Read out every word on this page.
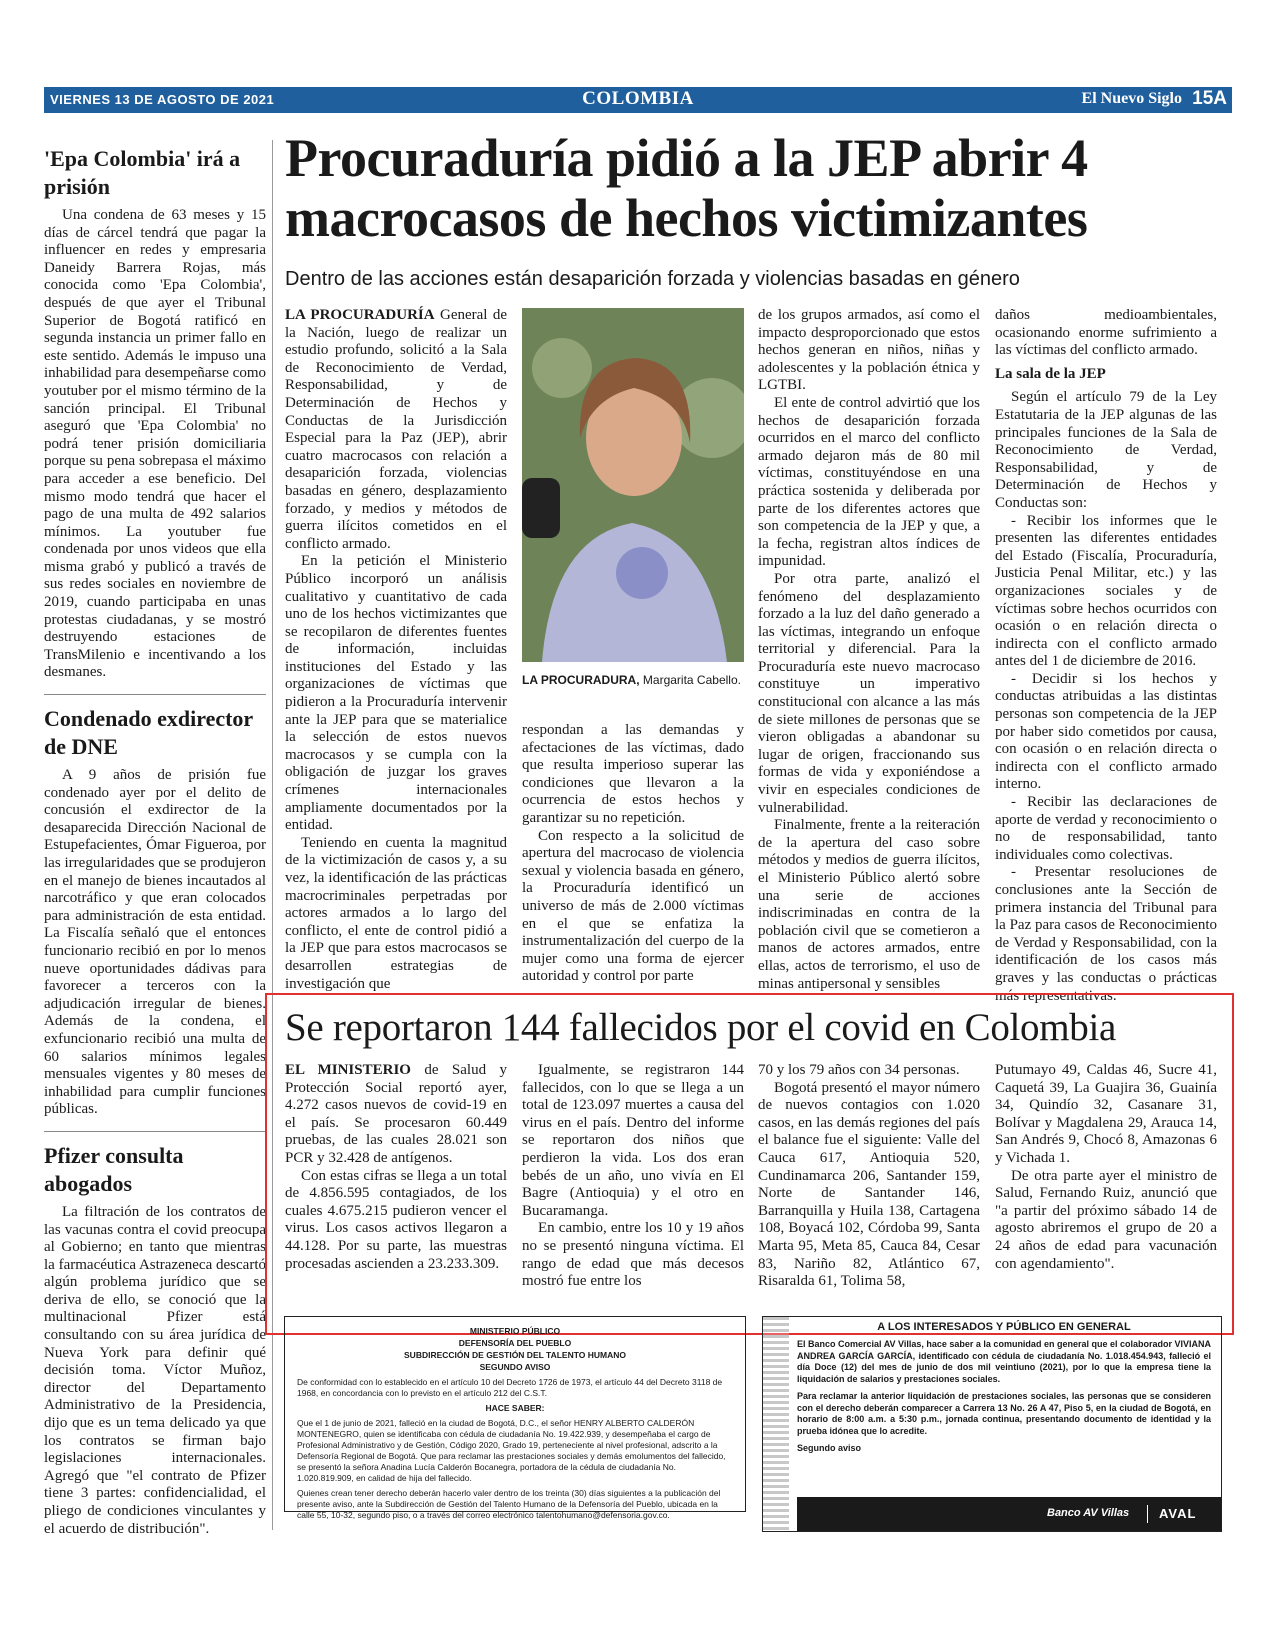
VIERNES 13 DE AGOSTO DE 2021	COLOMBIA	El Nuevo Siglo 15A
'Epa Colombia' irá a prisión

Una condena de 63 meses y 15 días de cárcel tendrá que pagar la influencer en redes y empresaria Daneidy Barrera Rojas, más conocida como 'Epa Colombia', después de que ayer el Tribunal Superior de Bogotá ratificó en segunda instancia un primer fallo en este sentido. Además le impuso una inhabilidad para desempeñarse como youtuber por el mismo término de la sanción principal. El Tribunal aseguró que 'Epa Colombia' no podrá tener prisión domiciliaria porque su pena sobrepasa el máximo para acceder a ese beneficio. Del mismo modo tendrá que hacer el pago de una multa de 492 salarios mínimos. La youtuber fue condenada por unos videos que ella misma grabó y publicó a través de sus redes sociales en noviembre de 2019, cuando participaba en unas protestas ciudadanas, y se mostró destruyendo estaciones de TransMilenio e incentivando a los desmanes.

Condenado exdirector de DNE

A 9 años de prisión fue condenado ayer por el delito de concusión el exdirector de la desaparecida Dirección Nacional de Estupefacientes, Ómar Figueroa, por las irregularidades que se produjeron en el manejo de bienes incautados al narcotráfico y que eran colocados para administración de esta entidad. La Fiscalía señaló que el entonces funcionario recibió en por lo menos nueve oportunidades dádivas para favorecer a terceros con la adjudicación irregular de bienes. Además de la condena, el exfuncionario recibió una multa de 60 salarios mínimos legales mensuales vigentes y 80 meses de inhabilidad para cumplir funciones públicas.

Pfizer consulta abogados

La filtración de los contratos de las vacunas contra el covid preocupa al Gobierno; en tanto que mientras la farmacéutica Astrazeneca descartó algún problema jurídico que se deriva de ello, se conoció que la multinacional Pfizer está consultando con su área jurídica de Nueva York para definir qué decisión toma. Víctor Muñoz, director del Departamento Administrativo de la Presidencia, dijo que es un tema delicado ya que los contratos se firman bajo legislaciones internacionales. Agregó que "el contrato de Pfizer tiene 3 partes: confidencialidad, el pliego de condiciones vinculantes y el acuerdo de distribución".

Procuraduría pidió a la JEP abrir 4 macrocasos de hechos victimizantes
Dentro de las acciones están desaparición forzada y violencias basadas en género

LA PROCURADURÍA General de la Nación, luego de realizar un estudio profundo, solicitó a la Sala de Reconocimiento de Verdad, Responsabilidad, y de Determinación de Hechos y Conductas de la Jurisdicción Especial para la Paz (JEP), abrir cuatro macrocasos con relación a desaparición forzada, violencias basadas en género, desplazamiento forzado, y medios y métodos de guerra ilícitos cometidos en el conflicto armado.

En la petición el Ministerio Público incorporó un análisis cualitativo y cuantitativo de cada uno de los hechos victimizantes que se recopilaron de diferentes fuentes de información, incluidas instituciones del Estado y las organizaciones de víctimas que pidieron a la Procuraduría intervenir ante la JEP para que se materialice la selección de estos nuevos macrocasos y se cumpla con la obligación de juzgar los graves crímenes internacionales ampliamente documentados por la entidad.

Teniendo en cuenta la magnitud de la victimización de casos y, a su vez, la identificación de las prácticas macrocriminales perpetradas por actores armados a lo largo del conflicto, el ente de control pidió a la JEP que para estos macrocasos se desarrollen estrategias de investigación que

LA PROCURADURA, Margarita Cabello.

respondan a las demandas y afectaciones de las víctimas, dado que resulta imperioso superar las condiciones que llevaron a la ocurrencia de estos hechos y garantizar su no repetición.

Con respecto a la solicitud de apertura del macrocaso de violencia sexual y violencia basada en género, la Procuraduría identificó un universo de más de 2.000 víctimas en el que se enfatiza la instrumentalización del cuerpo de la mujer como una forma de ejercer autoridad y control por parte

de los grupos armados, así como el impacto desproporcionado que estos hechos generan en niños, niñas y adolescentes y la población étnica y LGTBI.

El ente de control advirtió que los hechos de desaparición forzada ocurridos en el marco del conflicto armado dejaron más de 80 mil víctimas, constituyéndose en una práctica sostenida y deliberada por parte de los diferentes actores que son competencia de la JEP y que, a la fecha, registran altos índices de impunidad.

Por otra parte, analizó el fenómeno del desplazamiento forzado a la luz del daño generado a las víctimas, integrando un enfoque territorial y diferencial. Para la Procuraduría este nuevo macrocaso constituye un imperativo constitucional con alcance a las más de siete millones de personas que se vieron obligadas a abandonar su lugar de origen, fraccionando sus formas de vida y exponiéndose a vivir en especiales condiciones de vulnerabilidad.

Finalmente, frente a la reiteración de la apertura del caso sobre métodos y medios de guerra ilícitos, el Ministerio Público alertó sobre una serie de acciones indiscriminadas en contra de la población civil que se cometieron a manos de actores armados, entre ellas, actos de terrorismo, el uso de minas antipersonal y sensibles

daños medioambientales, ocasionando enorme sufrimiento a las víctimas del conflicto armado.

La sala de la JEP

Según el artículo 79 de la Ley Estatutaria de la JEP algunas de las principales funciones de la Sala de Reconocimiento de Verdad, Responsabilidad, y de Determinación de Hechos y Conductas son:

- Recibir los informes que le presenten las diferentes entidades del Estado (Fiscalía, Procuraduría, Justicia Penal Militar, etc.) y las organizaciones sociales y de víctimas sobre hechos ocurridos con ocasión o en relación directa o indirecta con el conflicto armado antes del 1 de diciembre de 2016.

- Decidir si los hechos y conductas atribuidas a las distintas personas son competencia de la JEP por haber sido cometidos por causa, con ocasión o en relación directa o indirecta con el conflicto armado interno.

- Recibir las declaraciones de aporte de verdad y reconocimiento o no de responsabilidad, tanto individuales como colectivas.

- Presentar resoluciones de conclusiones ante la Sección de primera instancia del Tribunal para la Paz para casos de Reconocimiento de Verdad y Responsabilidad, con la identificación de los casos más graves y las conductas o prácticas más representativas.

Se reportaron 144 fallecidos por el covid en Colombia

EL MINISTERIO de Salud y Protección Social reportó ayer, 4.272 casos nuevos de covid-19 en el país. Se procesaron 60.449 pruebas, de las cuales 28.021 son PCR y 32.428 de antígenos.

Con estas cifras se llega a un total de 4.856.595 contagiados, de los cuales 4.675.215 pudieron vencer el virus. Los casos activos llegaron a 44.128. Por su parte, las muestras procesadas ascienden a 23.233.309.

Igualmente, se registraron 144 fallecidos, con lo que se llega a un total de 123.097 muertes a causa del virus en el país. Dentro del informe se reportaron dos niños que perdieron la vida. Los dos eran bebés de un año, uno vivía en El Bagre (Antioquia) y el otro en Bucaramanga.

En cambio, entre los 10 y 19 años no se presentó ninguna víctima. El rango de edad que más decesos mostró fue entre los

70 y los 79 años con 34 personas.

Bogotá presentó el mayor número de nuevos contagios con 1.020 casos, en las demás regiones del país el balance fue el siguiente: Valle del Cauca 617, Antioquia 520, Cundinamarca 206, Santander 159, Norte de Santander 146, Barranquilla y Huila 138, Cartagena 108, Boyacá 102, Córdoba 99, Santa Marta 95, Meta 85, Cauca 84, Cesar 83, Nariño 82, Atlántico 67, Risaralda 61, Tolima 58,

Putumayo 49, Caldas 46, Sucre 41, Caquetá 39, La Guajira 36, Guainía 34, Quindío 32, Casanare 31, Bolívar y Magdalena 29, Arauca 14, San Andrés 9, Chocó 8, Amazonas 6 y Vichada 1.

De otra parte ayer el ministro de Salud, Fernando Ruiz, anunció que "a partir del próximo sábado 14 de agosto abriremos el grupo de 20 a 24 años de edad para vacunación con agendamiento".

MINISTERIO PÚBLICO
DEFENSORÍA DEL PUEBLO
SUBDIRECCIÓN DE GESTIÓN DEL TALENTO HUMANO
SEGUNDO AVISO
De conformidad con lo establecido en el artículo 10 del Decreto 1726 de 1973, el artículo 44 del Decreto 3118 de 1968, en concordancia con lo previsto en el artículo 212 del C.S.T.
HACE SABER:
Que el 1 de junio de 2021, falleció en la ciudad de Bogotá, D.C., el señor HENRY ALBERTO CALDERÓN MONTENEGRO, quien se identificaba con cédula de ciudadanía No. 19.422.939, y desempeñaba el cargo de Profesional Administrativo y de Gestión, Código 2020, Grado 19, perteneciente al nivel profesional, adscrito a la Defensoría Regional de Bogotá. Que para reclamar las prestaciones sociales y demás emolumentos del fallecido, se presentó la señora Anadina Lucía Calderón Bocanegra, portadora de la cédula de ciudadanía No. 1.020.819.909, en calidad de hija del fallecido.
Quienes crean tener derecho deberán hacerlo valer dentro de los treinta (30) días siguientes a la publicación del presente aviso, ante la Subdirección de Gestión del Talento Humano de la Defensoría del Pueblo, ubicada en la calle 55, 10-32, segundo piso, o a través del correo electrónico talentohumano@defensoria.gov.co.
A LOS INTERESADOS Y PÚBLICO EN GENERAL
El Banco Comercial AV Villas, hace saber a la comunidad en general que el colaborador VIVIANA ANDREA GARCÍA GARCÍA, identificado con cédula de ciudadanía No. 1.018.454.943, falleció el día Doce (12) del mes de junio de dos mil veintiuno (2021), por lo que la empresa tiene la liquidación de salarios y prestaciones sociales.
Para reclamar la anterior liquidación de prestaciones sociales, las personas que se consideren con el derecho deberán comparecer a Carrera 13 No. 26 A 47, Piso 5, en la ciudad de Bogotá, en horario de 8:00 a.m. a 5:30 p.m., jornada continua, presentando documento de identidad y la prueba idónea que lo acredite.
Segundo aviso
Banco AV Villas AVAL
